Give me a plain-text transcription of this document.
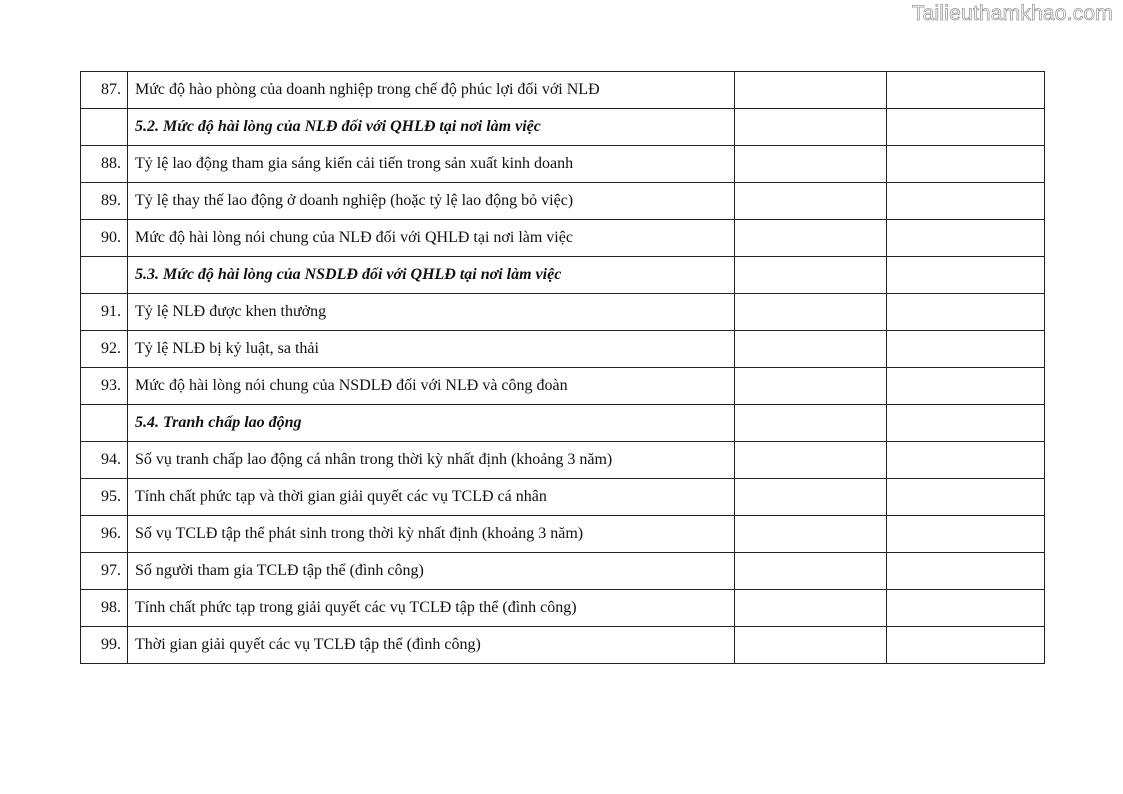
Tailieuthamkhao.com
87.	Mức độ hào phòng của doanh nghiệp trong chế độ phúc lợi đối với NLĐ		
	5.2. Mức độ hài lòng của NLĐ đối với QHLĐ tại nơi làm việc		
88.	Tỷ lệ lao động tham gia sáng kiến cải tiến trong sản xuất kinh doanh		
89.	Tỷ lệ thay thế lao động ở doanh nghiệp (hoặc tỷ lệ lao động bỏ việc)		
90.	Mức độ hài lòng nói chung của NLĐ đối với QHLĐ tại nơi làm việc		
	5.3. Mức độ hài lòng của NSDLĐ đối với QHLĐ tại nơi làm việc		
91.	Tỷ lệ NLĐ được khen thưởng		
92.	Tỷ lệ NLĐ bị kỷ luật, sa thải		
93.	Mức độ hài lòng nói chung của NSDLĐ đối với NLĐ và công đoàn		
	5.4. Tranh chấp lao động		
94.	Số vụ tranh chấp lao động cá nhân trong thời kỳ nhất định (khoảng 3 năm)		
95.	Tính chất phức tạp và thời gian giải quyết các vụ TCLĐ cá nhân		
96.	Số vụ TCLĐ tập thể phát sinh trong thời kỳ nhất định (khoảng 3 năm)		
97.	Số người tham gia TCLĐ tập thể (đình công)		
98.	Tính chất phức tạp trong giải quyết các vụ TCLĐ tập thể (đình công)		
99.	Thời gian giải quyết các vụ TCLĐ tập thể (đình công)		
